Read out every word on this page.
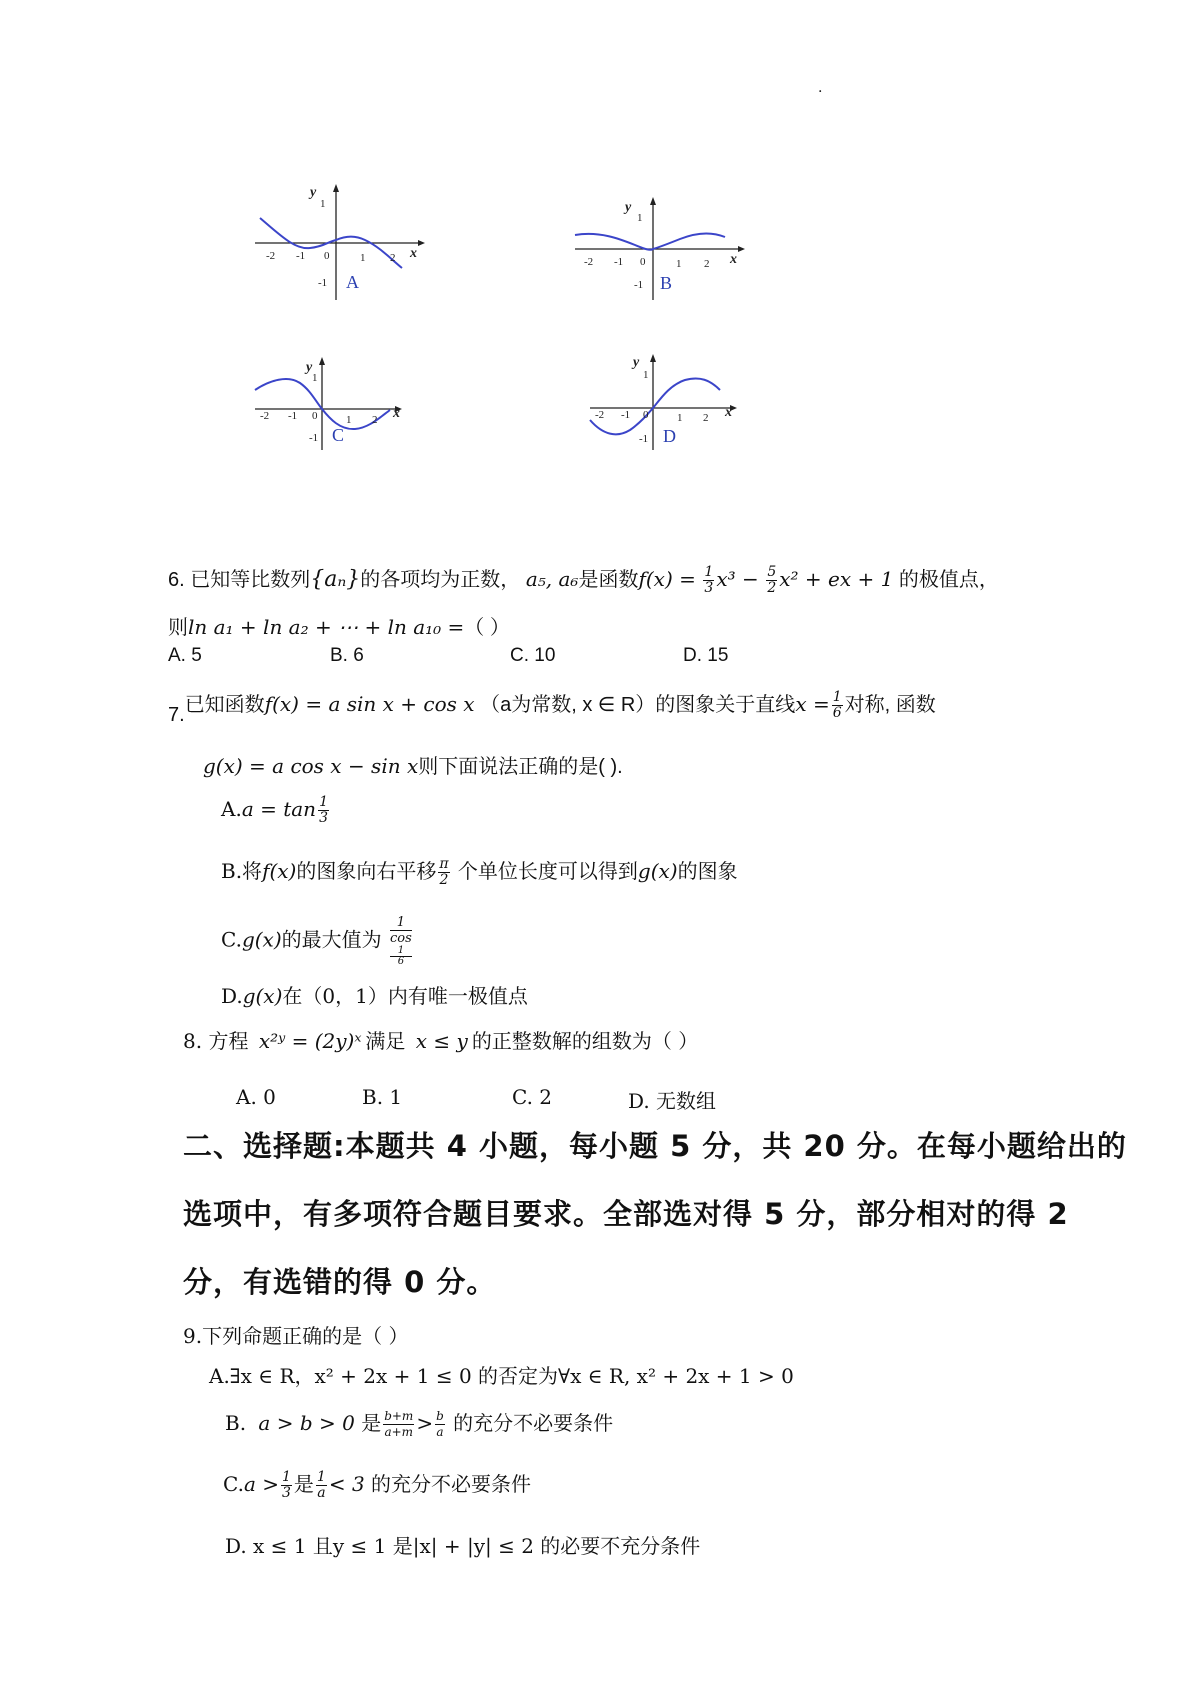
.
y
1
x
-2 -1 0	1 2
-1 A
y
1
x
-2 -1 0	1 2
-1 B
y
1
x
-2 -1 0	1 2
-1 C
y
1
x
-2 -1 0	1 2
-1 D
6. 已知等比数列{aₙ}的各项均为正数， a₅, a₆是函数$f(x) = \frac{1}{3} x^3 - \frac{5}{2} x^2$ + ex + 1 的极值点，
则ln a₁ + ln a₂ + ⋯ + ln a₁₀ =（ ）
A. 5	B. 6	C. 10	D. 15
7.已知函数f(x) = a sin x + cos x （a为常数, x ∈ R）的图象关于直线$x = \frac{1}{6}$ 对称, 函数
g(x) = a cos x − sin x则下面说法正确的是( ).
$A.a = \tan \frac{1}{3}$
B.将f(x)的图象向右平移 $\frac{\pi}{2}$ 个单位长度可以得到g(x)的图象
C.g(x)的最大值为 1
cos
1
6
D.g(x)在（0，1）内有唯一极值点
8. 方程 x²ʸ = (2y)ˣ 满足 x ≤ y 的正整数解的组数为（ ）
A. 0	B. 1	C. 2	D. 无数组
二、选择题:本题共 4 小题，每小题 5 分，共 20 分。在每小题给出的
选项中，有多项符合题目要求。全部选对得 5 分，部分相对的得 2
分，有选错的得 0 分。
9.下列命题正确的是（ ）
A.∃x ∈ R，x² + 2x + 1 ≤ 0 的否定为∀x ∈ R, x² + 2x + 1 > 0
B. a > b > 0 是 $\frac{b+m}{a+m} > \frac{b}{a}$ 的充分不必要条件
$C.a > \frac{1}{3}$ 是 $\frac{1}{a} < 3$ 的充分不必要条件
D. x ≤ 1 且y ≤ 1 是|x| + |y| ≤ 2 的必要不充分条件
